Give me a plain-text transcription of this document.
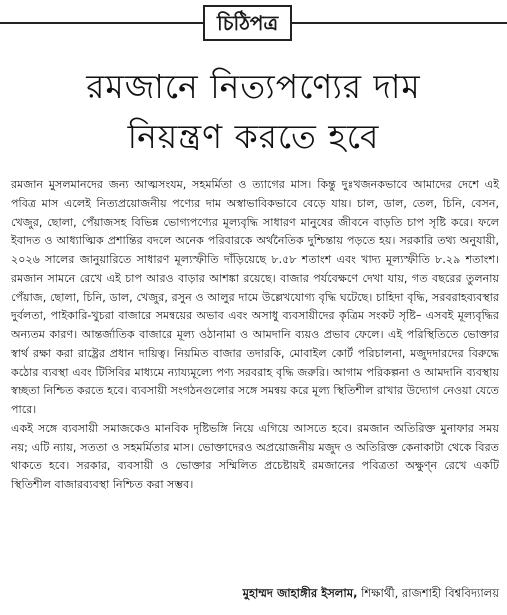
চিঠিপত্র
রমজানে নিত্যপণ্যের দাম
নিয়ন্ত্রণ করতে হবে

রমজান মুসলমানদের জন্য আত্মসংযম, সহমর্মিতা ও ত্যাগের মাস। কিন্তু দুঃখজনকভাবে আমাদের দেশে এই পবিত্র মাস এলেই নিত্যপ্রয়োজনীয় পণ্যের দাম অস্বাভাবিকভাবে বেড়ে যায়। চাল, ডাল, তেল, চিনি, বেসন, খেজুর, ছোলা, পেঁয়াজসহ বিভিন্ন ভোগ্যপণ্যের মূল্যবৃদ্ধি সাধারণ মানুষের জীবনে বাড়তি চাপ সৃষ্টি করে। ফলে ইবাদত ও আধ্যাত্মিক প্রশান্তির বদলে অনেক পরিবারকে অর্থনৈতিক দুশ্চিন্তায় পড়তে হয়। সরকারি তথ্য অনুযায়ী, ২০২৬ সালের জানুয়ারিতে সাধারণ মূল্যস্ফীতি দাঁড়িয়েছে ৮.৫৮ শতাংশ এবং খাদ্য মূল্যস্ফীতি ৮.২৯ শতাংশ। রমজান সামনে রেখে এই চাপ আরও বাড়ার আশঙ্কা রয়েছে। বাজার পর্যবেক্ষণে দেখা যায়, গত বছরের তুলনায় পেঁয়াজ, ছোলা, চিনি, ডাল, খেজুর, রসুন ও আলুর দামে উল্লেখযোগ্য বৃদ্ধি ঘটেছে। চাহিদা বৃদ্ধি, সরবরাহব্যবস্থার দুর্বলতা, পাইকারি-খুচরা বাজারে সমন্বয়ের অভাব এবং অসাধু ব্যবসায়ীদের কৃত্রিম সংকট সৃষ্টি– এসবই মূল্যবৃদ্ধির অন্যতম কারণ। আন্তর্জাতিক বাজারে মূল্য ওঠানামা ও আমদানি ব্যয়ও প্রভাব ফেলে। এই পরিস্থিতিতে ভোক্তার স্বার্থ রক্ষা করা রাষ্ট্রের প্রধান দায়িত্ব। নিয়মিত বাজার তদারকি, মোবাইল কোর্ট পরিচালনা, মজুদদারদের বিরুদ্ধে কঠোর ব্যবস্থা এবং টিসিবির মাধ্যমে ন্যায্যমূল্যে পণ্য সরবরাহ বৃদ্ধি জরুরি। আগাম পরিকল্পনা ও আমদানি ব্যবস্থায় স্বচ্ছতা নিশ্চিত করতে হবে। ব্যবসায়ী সংগঠনগুলোর সঙ্গে সমন্বয় করে মূল্য স্থিতিশীল রাখার উদ্যোগ নেওয়া যেতে পারে।

একই সঙ্গে ব্যবসায়ী সমাজকেও মানবিক দৃষ্টিভঙ্গি নিয়ে এগিয়ে আসতে হবে। রমজান অতিরিক্ত মুনাফার সময় নয়; এটি ন্যায়, সততা ও সহমর্মিতার মাস। ভোক্তাদেরও অপ্রয়োজনীয় মজুদ ও অতিরিক্ত কেনাকাটা থেকে বিরত থাকতে হবে। সরকার, ব্যবসায়ী ও ভোক্তার সম্মিলিত প্রচেষ্টায়ই রমজানের পবিত্রতা অক্ষুণ্ন রেখে একটি স্থিতিশীল বাজারব্যবস্থা নিশ্চিত করা সম্ভব।

মুহাম্মদ জাহাঙ্গীর ইসলাম, শিক্ষার্থী, রাজশাহী বিশ্ববিদ্যালয়
